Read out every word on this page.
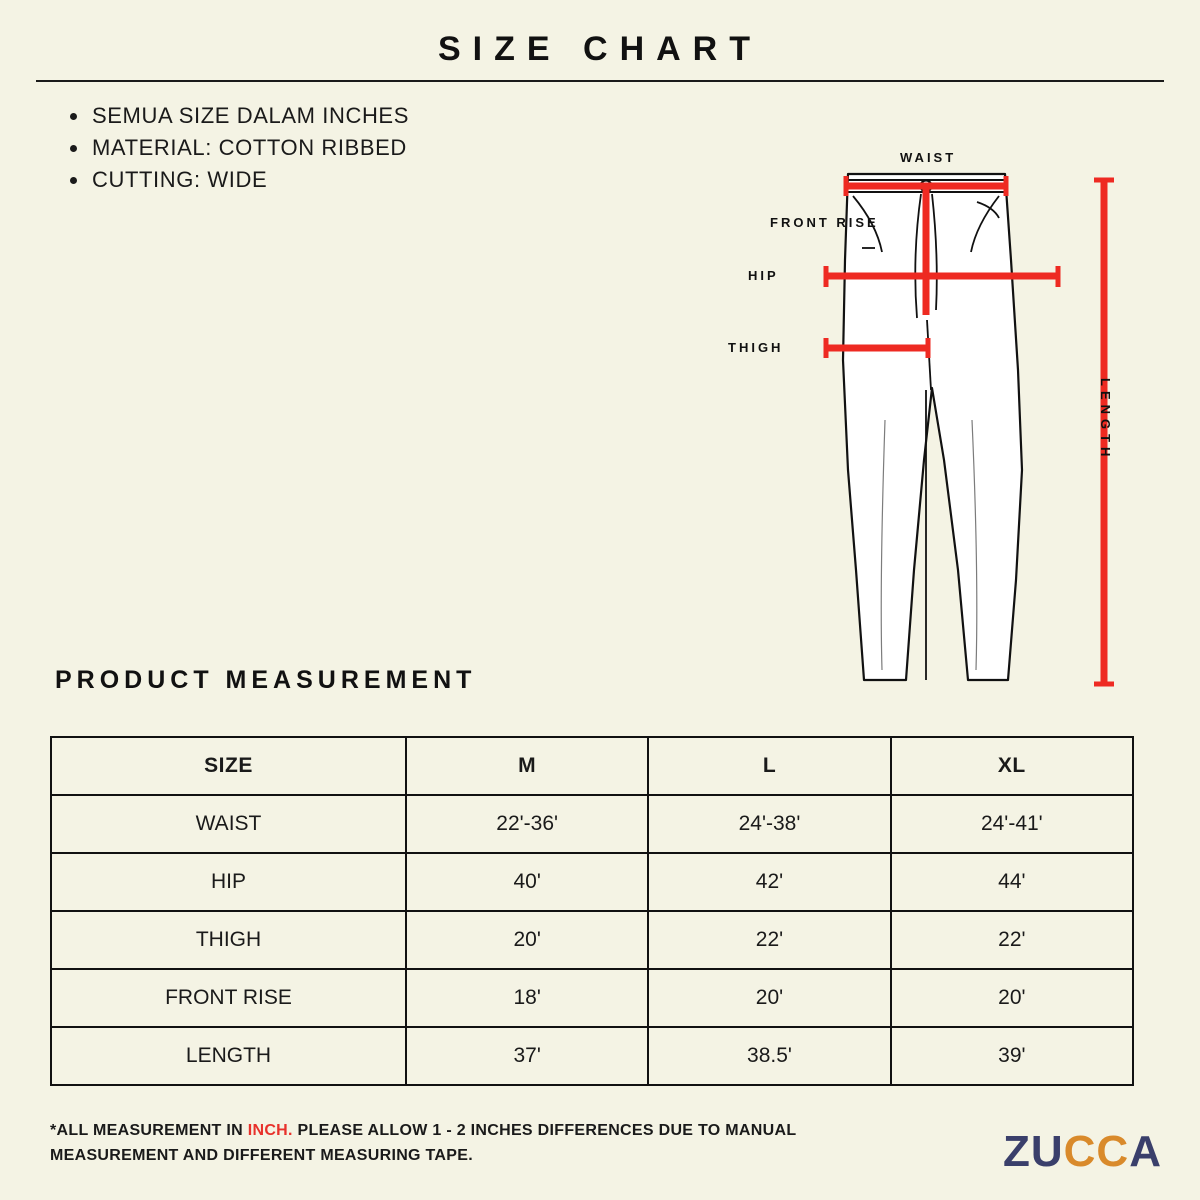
SIZE CHART
SEMUA SIZE DALAM INCHES
MATERIAL: COTTON RIBBED
CUTTING: WIDE
WAIST
FRONT RISE
HIP
THIGH
LENGTH
PRODUCT MEASUREMENT
SIZE	M	L	XL
WAIST	22'-36'	24'-38'	24'-41'
HIP	40'	42'	44'
THIGH	20'	22'	22'
FRONT RISE	18'	20'	20'
LENGTH	37'	38.5'	39'
*ALL MEASUREMENT IN INCH. PLEASE ALLOW 1 - 2 INCHES DIFFERENCES DUE TO MANUAL MEASUREMENT AND DIFFERENT MEASURING TAPE.	ZUCCA
